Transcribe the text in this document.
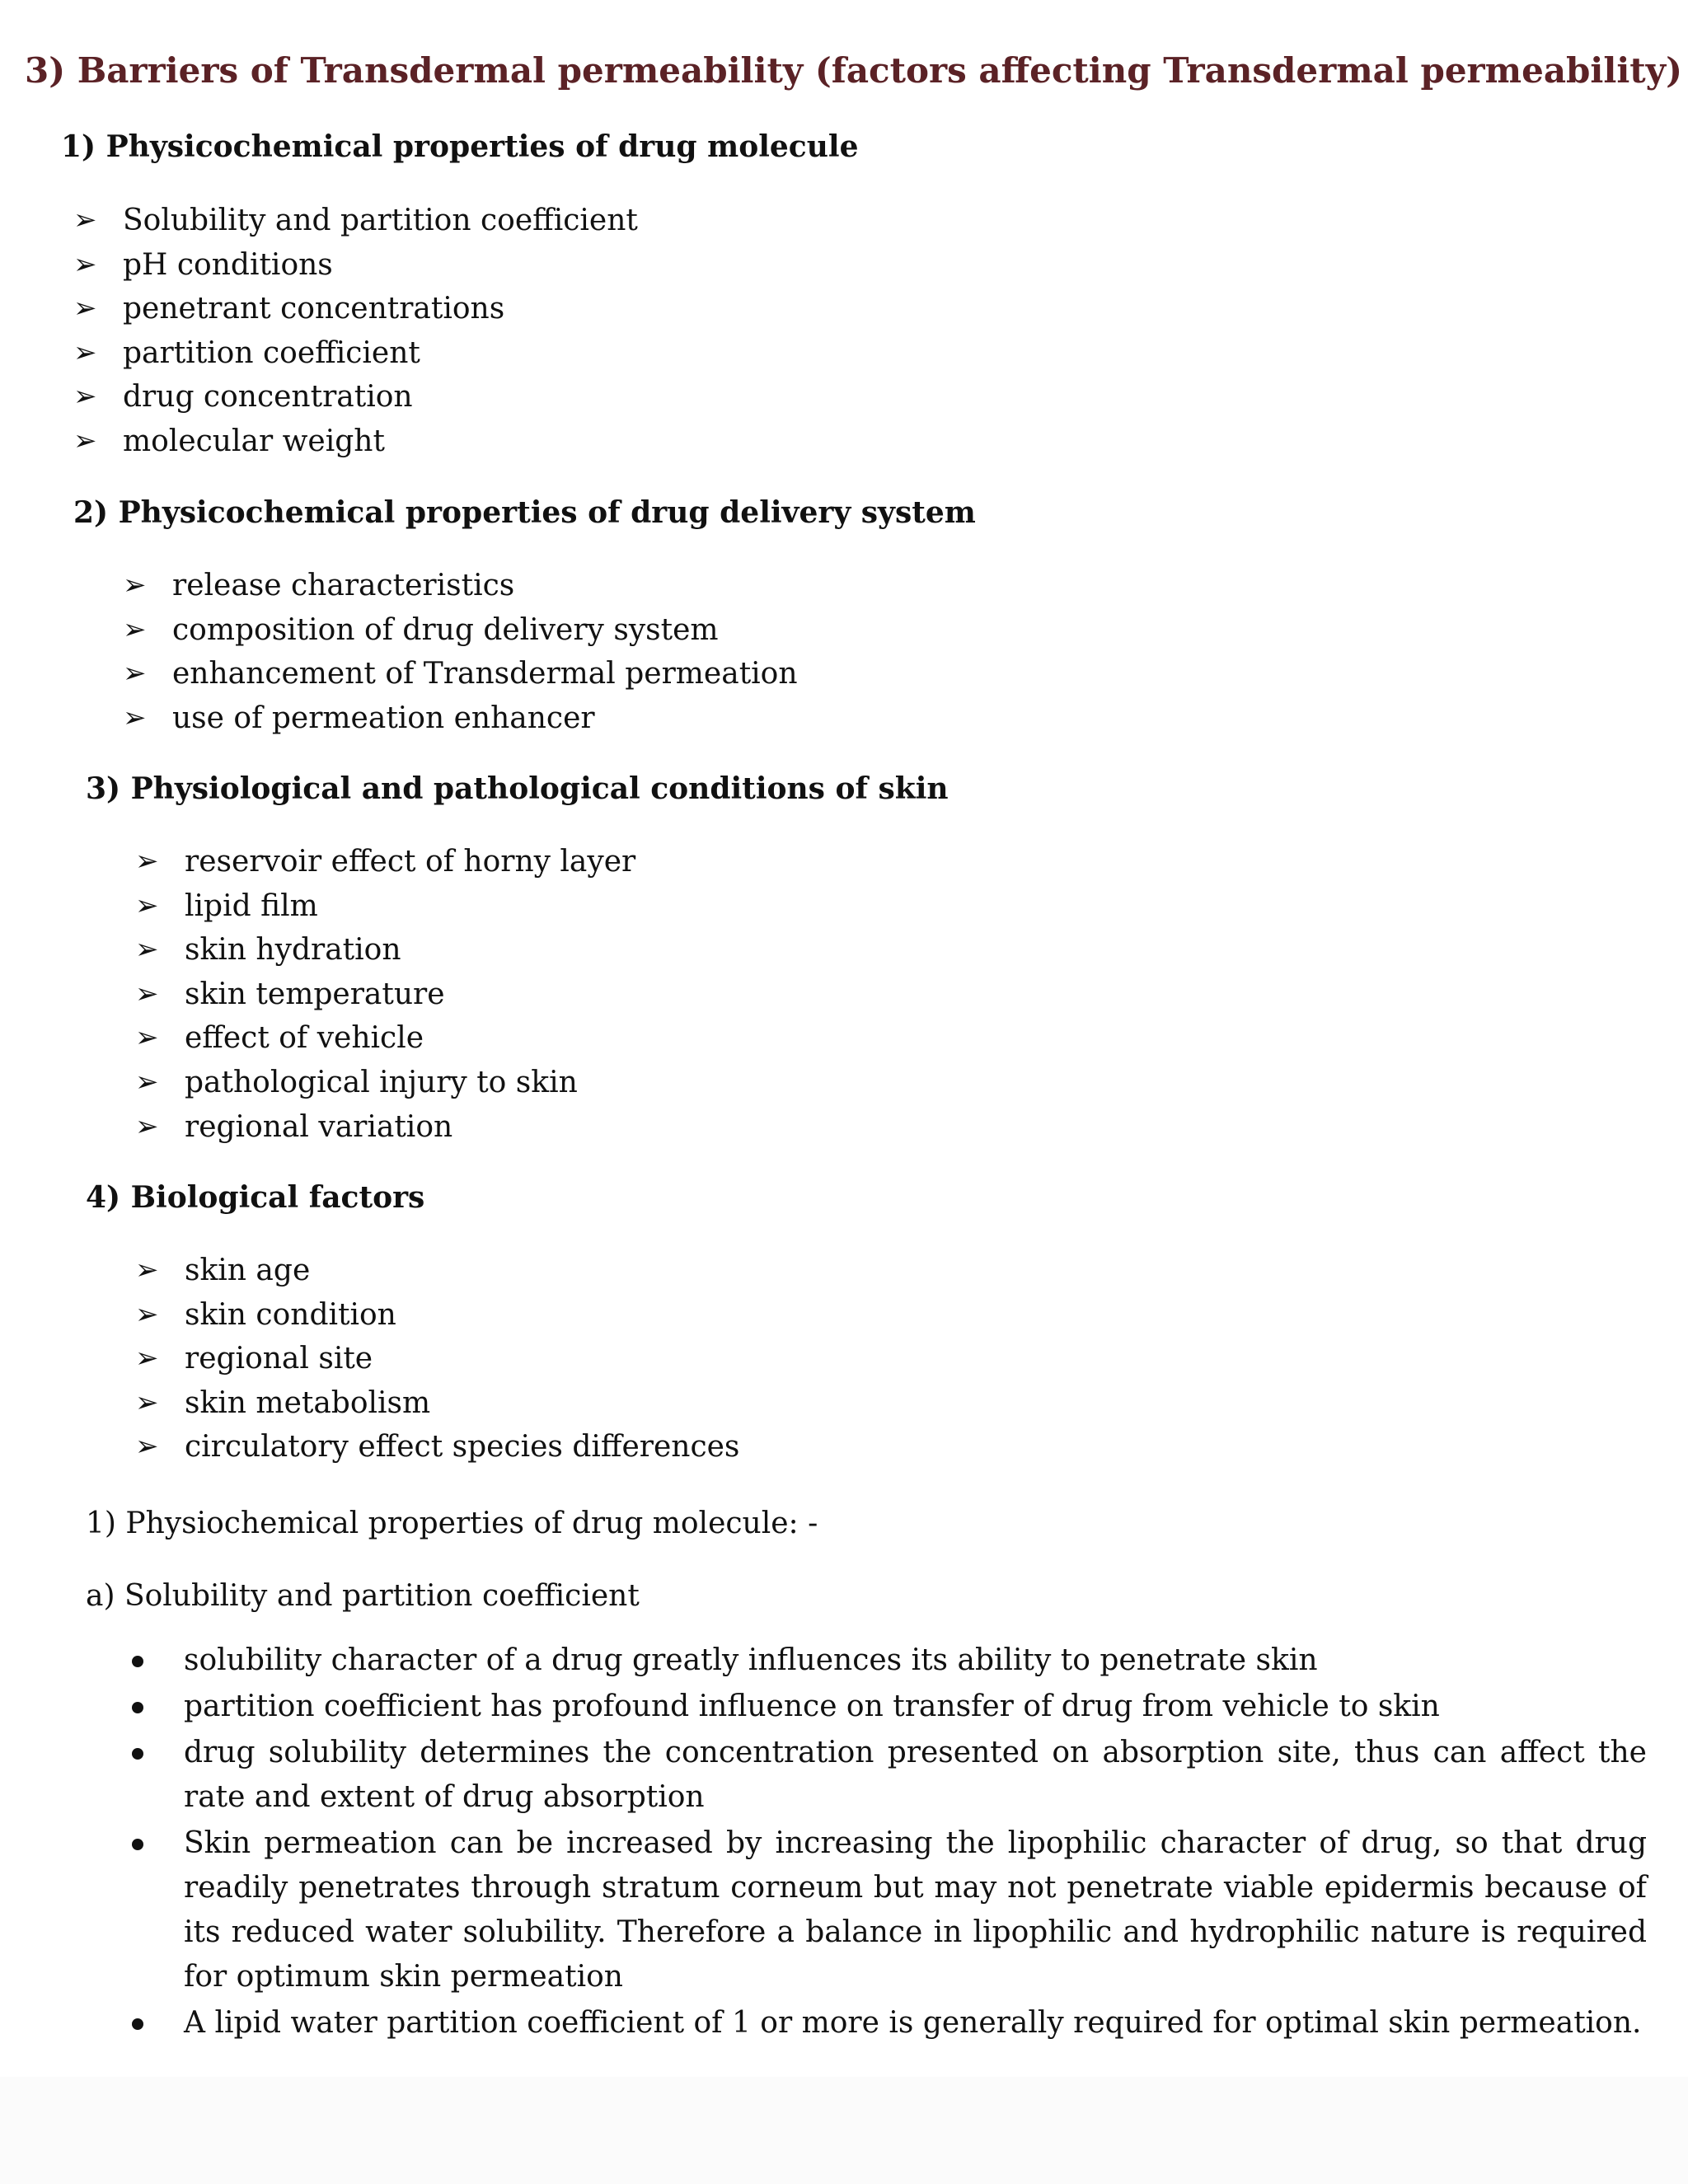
3) Barriers of Transdermal permeability (factors affecting Transdermal permeability)
1) Physicochemical properties of drug molecule
➢ Solubility and partition coefficient
➢ pH conditions
➢ penetrant concentrations
➢ partition coefficient
➢ drug concentration
➢ molecular weight
2) Physicochemical properties of drug delivery system
➢ release characteristics
➢ composition of drug delivery system
➢ enhancement of Transdermal permeation
➢ use of permeation enhancer
3) Physiological and pathological conditions of skin
➢ reservoir effect of horny layer
➢ lipid film
➢ skin hydration
➢ skin temperature
➢ effect of vehicle
➢ pathological injury to skin
➢ regional variation
4) Biological factors
➢ skin age
➢ skin condition
➢ regional site
➢ skin metabolism
➢ circulatory effect species differences

1) Physiochemical properties of drug molecule: -

a) Solubility and partition coefficient

solubility character of a drug greatly influences its ability to penetrate skin
partition coefficient has profound influence on transfer of drug from vehicle to skin
drug solubility determines the concentration presented on absorption site, thus can affect the rate and extent of drug absorption
Skin permeation can be increased by increasing the lipophilic character of drug, so that drug readily penetrates through stratum corneum but may not penetrate viable epidermis because of its reduced water solubility. Therefore a balance in lipophilic and hydrophilic nature is required for optimum skin permeation
A lipid water partition coefficient of 1 or more is generally required for optimal skin permeation.
